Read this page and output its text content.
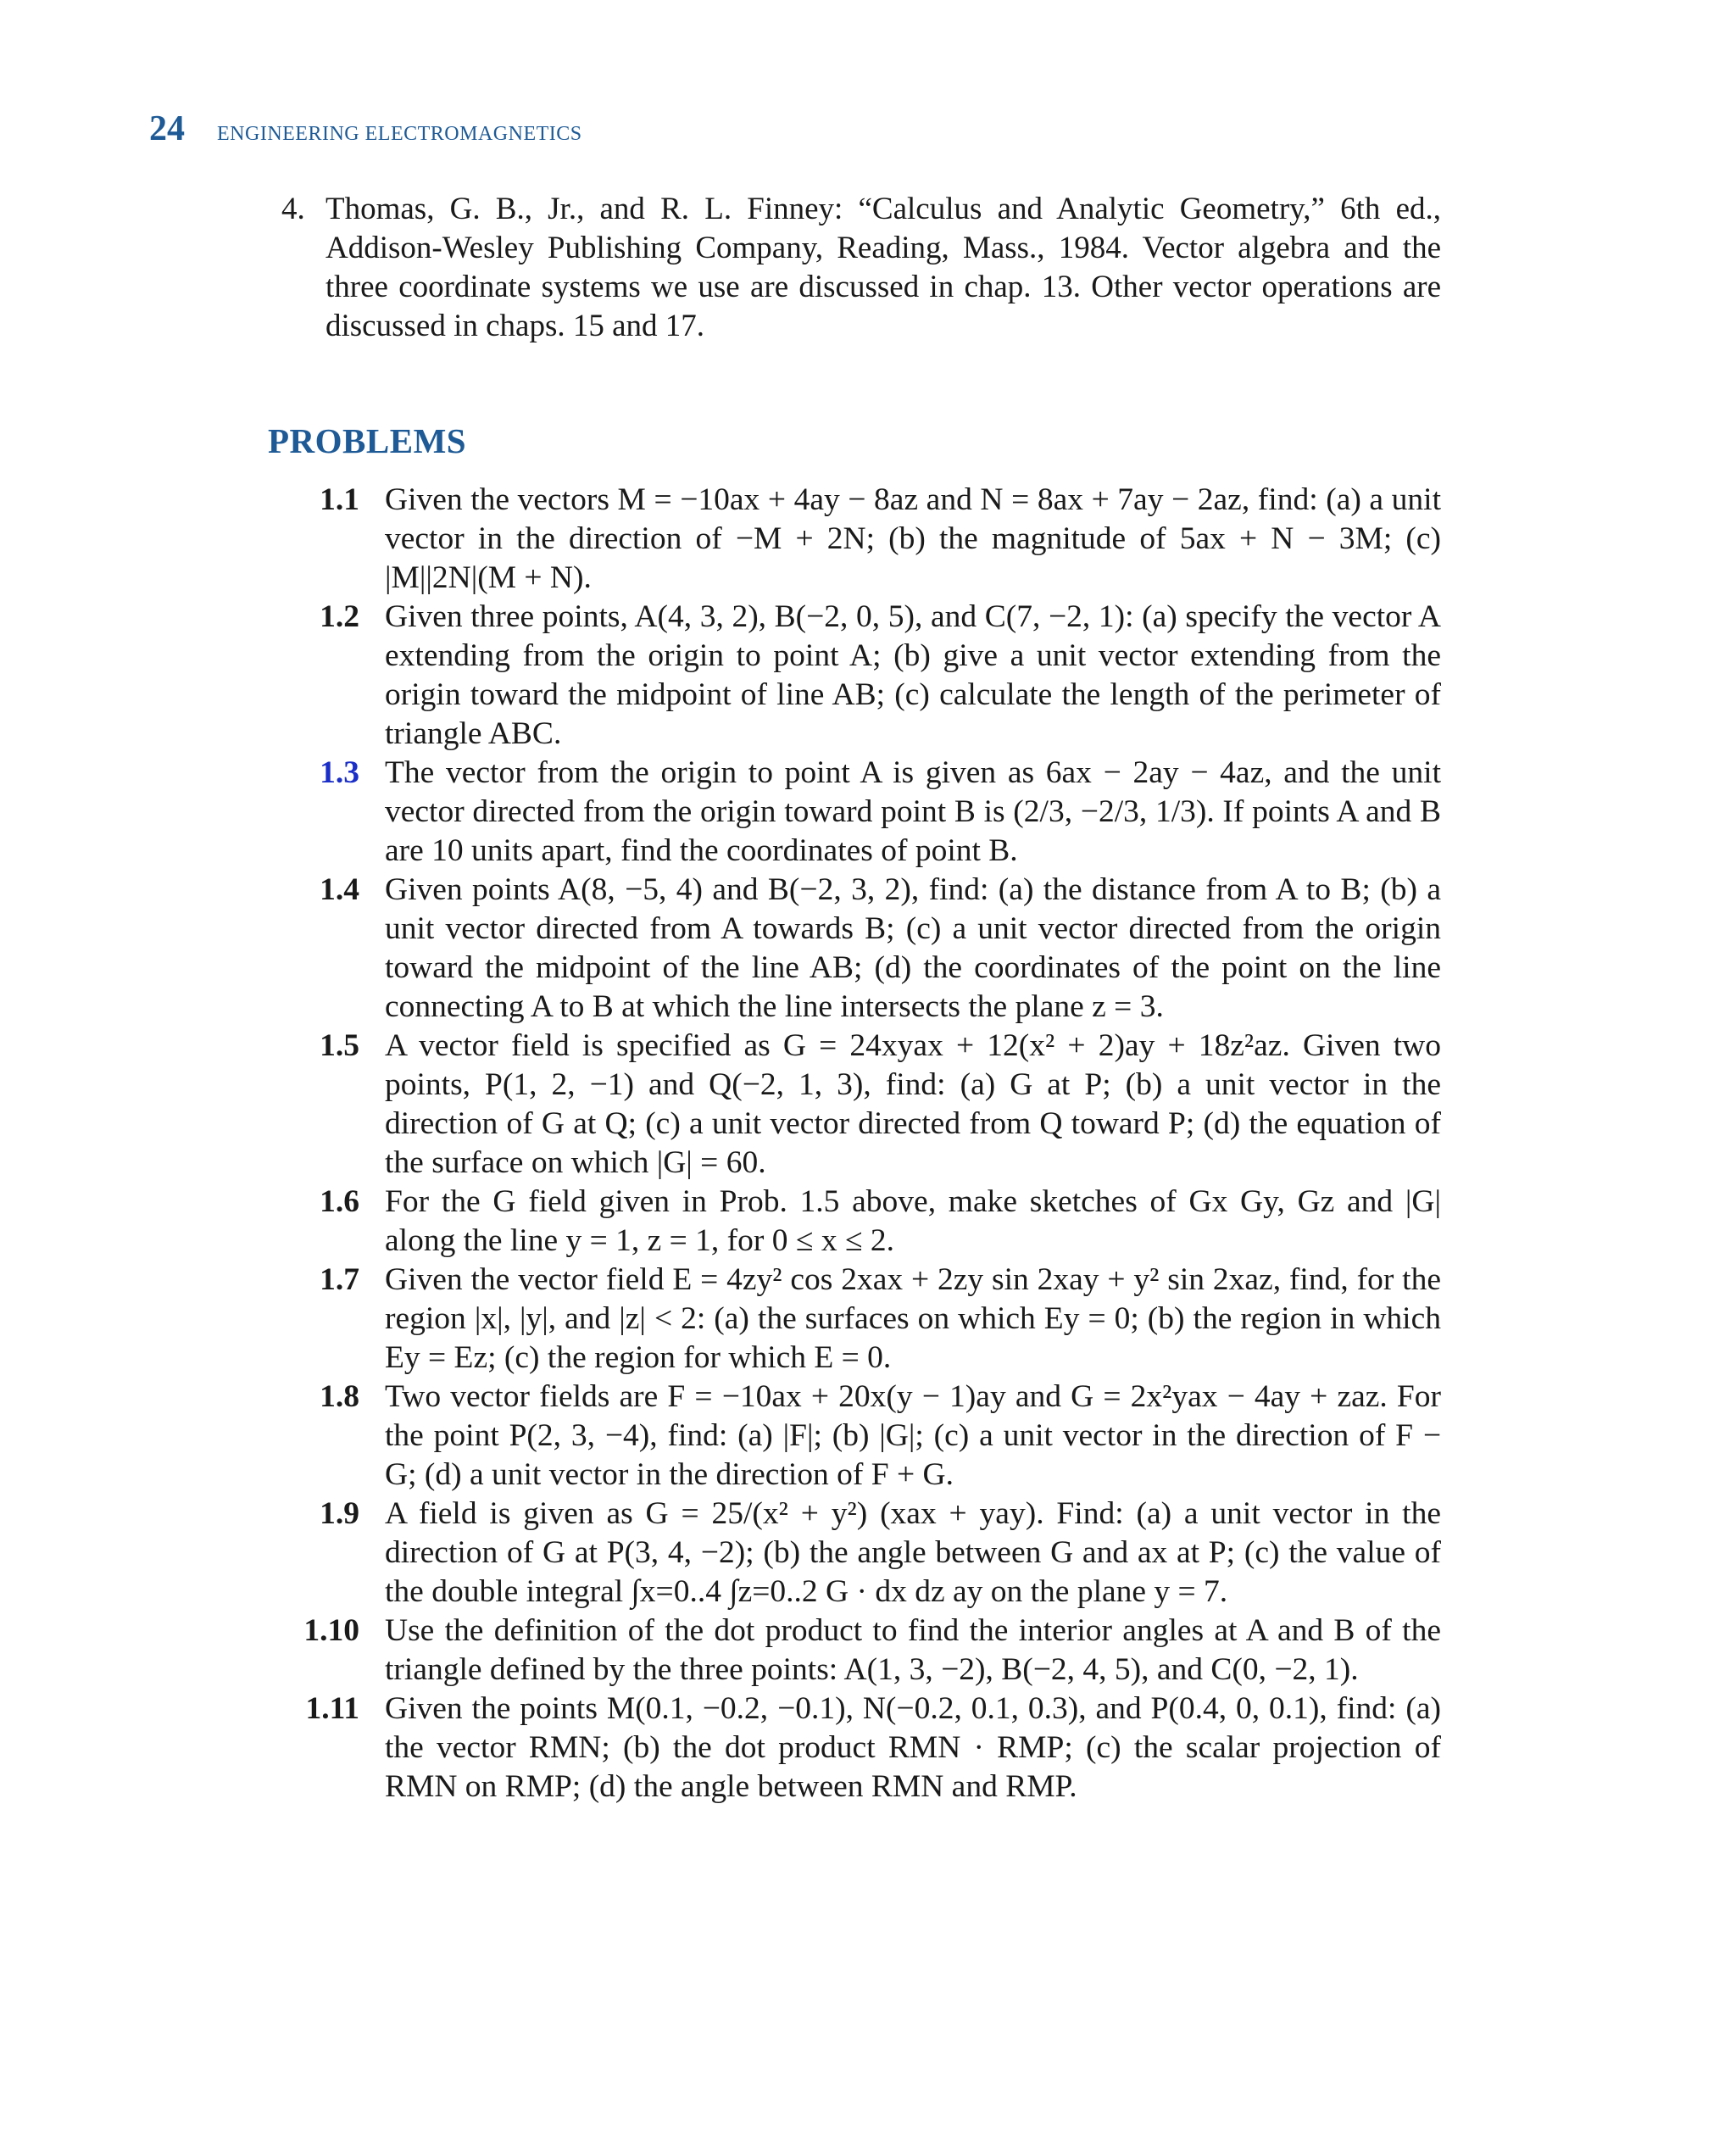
24 ENGINEERING ELECTROMAGNETICS
4. Thomas, G. B., Jr., and R. L. Finney: “Calculus and Analytic Geometry,” 6th ed., Addison-Wesley Publishing Company, Reading, Mass., 1984. Vector algebra and the three coordinate systems we use are discussed in chap. 13. Other vector operations are discussed in chaps. 15 and 17.
PROBLEMS
1.1 Given the vectors M = −10ax + 4ay − 8az and N = 8ax + 7ay − 2az, find: (a) a unit vector in the direction of −M + 2N; (b) the magnitude of 5ax + N − 3M; (c) |M||2N|(M + N).
1.2 Given three points, A(4, 3, 2), B(−2, 0, 5), and C(7, −2, 1): (a) specify the vector A extending from the origin to point A; (b) give a unit vector extending from the origin toward the midpoint of line AB; (c) calculate the length of the perimeter of triangle ABC.
1.3 The vector from the origin to point A is given as 6ax − 2ay − 4az, and the unit vector directed from the origin toward point B is (2/3, −2/3, 1/3). If points A and B are 10 units apart, find the coordinates of point B.
1.4 Given points A(8, −5, 4) and B(−2, 3, 2), find: (a) the distance from A to B; (b) a unit vector directed from A towards B; (c) a unit vector directed from the origin toward the midpoint of the line AB; (d) the coordinates of the point on the line connecting A to B at which the line intersects the plane z = 3.
1.5 A vector field is specified as G = 24xyax + 12(x² + 2)ay + 18z²az. Given two points, P(1, 2, −1) and Q(−2, 1, 3), find: (a) G at P; (b) a unit vector in the direction of G at Q; (c) a unit vector directed from Q toward P; (d) the equation of the surface on which |G| = 60.
1.6 For the G field given in Prob. 1.5 above, make sketches of Gx Gy, Gz and |G| along the line y = 1, z = 1, for 0 ≤ x ≤ 2.
1.7 Given the vector field E = 4zy² cos 2xax + 2zy sin 2xay + y² sin 2xaz, find, for the region |x|, |y|, and |z| < 2: (a) the surfaces on which Ey = 0; (b) the region in which Ey = Ez; (c) the region for which E = 0.
1.8 Two vector fields are F = −10ax + 20x(y − 1)ay and G = 2x²yax − 4ay + zaz. For the point P(2, 3, −4), find: (a) |F|; (b) |G|; (c) a unit vector in the direction of F − G; (d) a unit vector in the direction of F + G.
1.9 A field is given as G = 25/(x² + y²) (xax + yay). Find: (a) a unit vector in the direction of G at P(3, 4, −2); (b) the angle between G and ax at P; (c) the value of the double integral ∫x=0..4 ∫z=0..2 G · dx dz ay on the plane y = 7.
1.10 Use the definition of the dot product to find the interior angles at A and B of the triangle defined by the three points: A(1, 3, −2), B(−2, 4, 5), and C(0, −2, 1).
1.11 Given the points M(0.1, −0.2, −0.1), N(−0.2, 0.1, 0.3), and P(0.4, 0, 0.1), find: (a) the vector RMN; (b) the dot product RMN · RMP; (c) the scalar projection of RMN on RMP; (d) the angle between RMN and RMP.
